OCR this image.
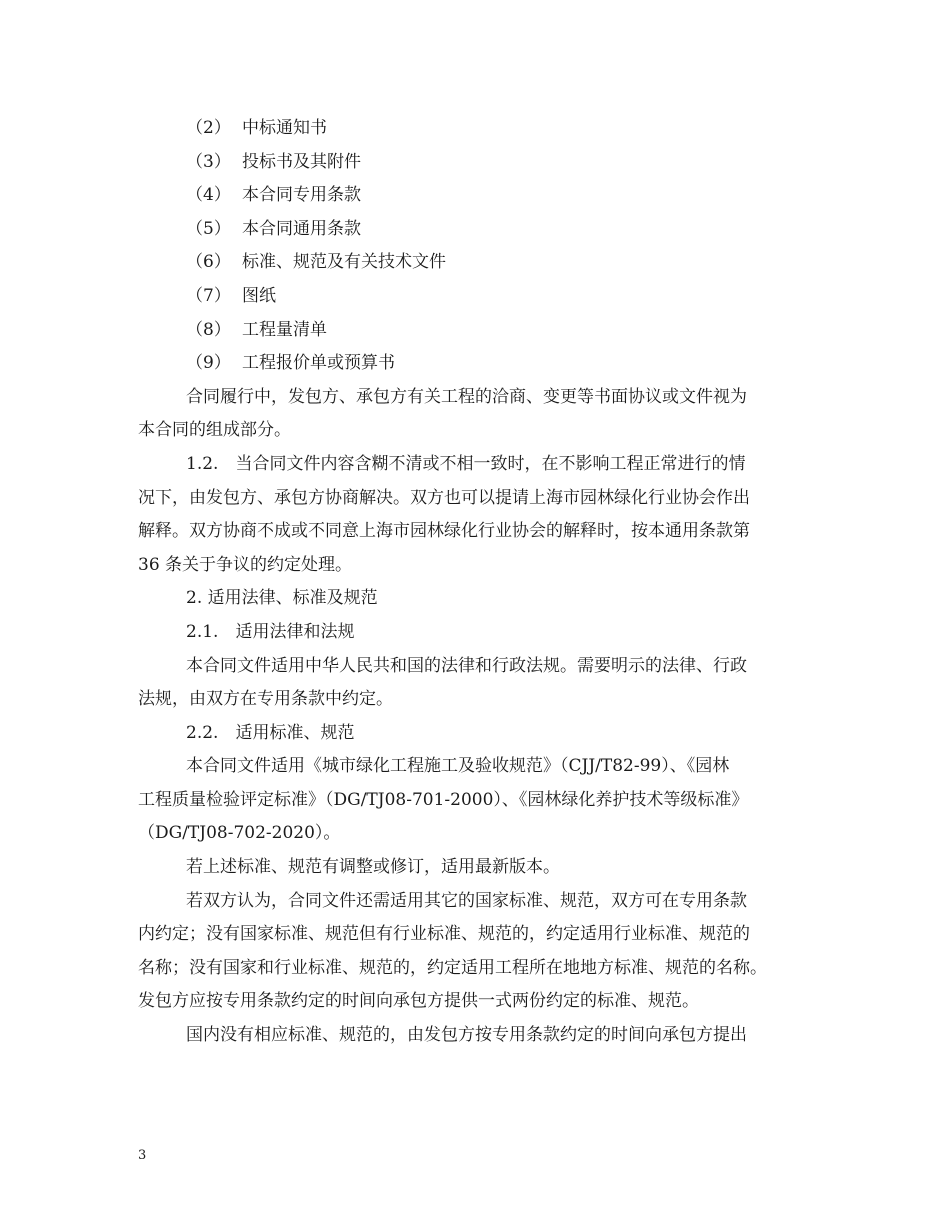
（2） 中标通知书

（3） 投标书及其附件

（4） 本合同专用条款

（5） 本合同通用条款

（6） 标准、规范及有关技术文件

（7） 图纸

（8） 工程量清单

（9） 工程报价单或预算书

合同履行中，发包方、承包方有关工程的洽商、变更等书面协议或文件视为
本合同的组成部分。
1.2.　当合同文件内容含糊不清或不相一致时，在不影响工程正常进行的情
况下，由发包方、承包方协商解决。双方也可以提请上海市园林绿化行业协会作出
解释。双方协商不成或不同意上海市园林绿化行业协会的解释时，按本通用条款第
36 条关于争议的约定处理。

2. 适用法律、标准及规范

2.1.　适用法律和法规

本合同文件适用中华人民共和国的法律和行政法规。需要明示的法律、行政
法规，由双方在专用条款中约定。

2.2.　适用标准、规范

本合同文件适用《城市绿化工程施工及验收规范》（CJJ/T82-99）、《园林
工程质量检验评定标准》（DG/TJ08-701-2000）、《园林绿化养护技术等级标准》
（DG/TJ08-702-2020）。
若上述标准、规范有调整或修订，适用最新版本。
若双方认为，合同文件还需适用其它的国家标准、规范，双方可在专用条款
内约定；没有国家标准、规范但有行业标准、规范的，约定适用行业标准、规范的
名称；没有国家和行业标准、规范的，约定适用工程所在地地方标准、规范的名称。
发包方应按专用条款约定的时间向承包方提供一式两份约定的标准、规范。
国内没有相应标准、规范的，由发包方按专用条款约定的时间向承包方提出
3
